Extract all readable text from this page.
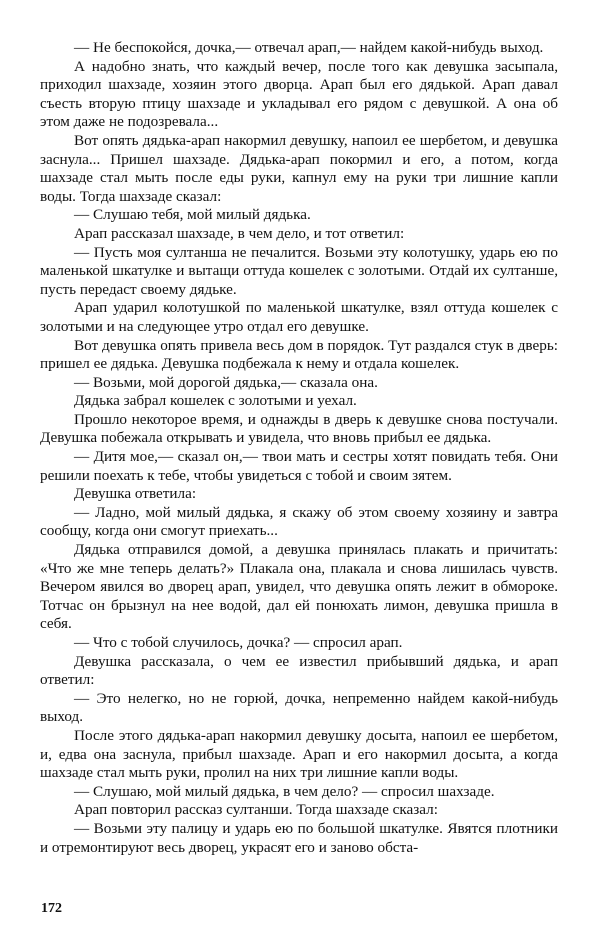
— Не беспокойся, дочка,— отвечал арап,— найдем какой-нибудь выход.

А надобно знать, что каждый вечер, после того как девушка засыпала, приходил шахзаде, хозяин этого дворца. Арап был его дядькой. Арап давал съесть вторую птицу шахзаде и укладывал его рядом с девушкой. А она об этом даже не подозревала...

Вот опять дядька-арап накормил девушку, напоил ее шербетом, и девушка заснула... Пришел шахзаде. Дядька-арап покормил и его, а потом, когда шахзаде стал мыть после еды руки, капнул ему на руки три лишние капли воды. Тогда шахзаде сказал:

— Слушаю тебя, мой милый дядька.

Арап рассказал шахзаде, в чем дело, и тот ответил:

— Пусть моя султанша не печалится. Возьми эту колотушку, ударь ею по маленькой шкатулке и вытащи оттуда кошелек с золотыми. Отдай их султанше, пусть передаст своему дядьке.

Арап ударил колотушкой по маленькой шкатулке, взял оттуда кошелек с золотыми и на следующее утро отдал его девушке.

Вот девушка опять привела весь дом в порядок. Тут раздался стук в дверь: пришел ее дядька. Девушка подбежала к нему и отдала кошелек.

— Возьми, мой дорогой дядька,— сказала она.

Дядька забрал кошелек с золотыми и уехал.

Прошло некоторое время, и однажды в дверь к девушке снова постучали. Девушка побежала открывать и увидела, что вновь прибыл ее дядька.

— Дитя мое,— сказал он,— твои мать и сестры хотят повидать тебя. Они решили поехать к тебе, чтобы увидеться с тобой и своим зятем.

Девушка ответила:

— Ладно, мой милый дядька, я скажу об этом своему хозяину и завтра сообщу, когда они смогут приехать...

Дядька отправился домой, а девушка принялась плакать и причитать: «Что же мне теперь делать?» Плакала она, плакала и снова лишилась чувств. Вечером явился во дворец арап, увидел, что девушка опять лежит в обмороке. Тотчас он брызнул на нее водой, дал ей понюхать лимон, девушка пришла в себя.

— Что с тобой случилось, дочка? — спросил арап.

Девушка рассказала, о чем ее известил прибывший дядька, и арап ответил:

— Это нелегко, но не горюй, дочка, непременно найдем какой-нибудь выход.

После этого дядька-арап накормил девушку досыта, напоил ее шербетом, и, едва она заснула, прибыл шахзаде. Арап и его накормил досыта, а когда шахзаде стал мыть руки, пролил на них три лишние капли воды.

— Слушаю, мой милый дядька, в чем дело? — спросил шахзаде.

Арап повторил рассказ султанши. Тогда шахзаде сказал:

— Возьми эту палицу и ударь ею по большой шкатулке. Явятся плотники и отремонтируют весь дворец, украсят его и заново обста-

172
